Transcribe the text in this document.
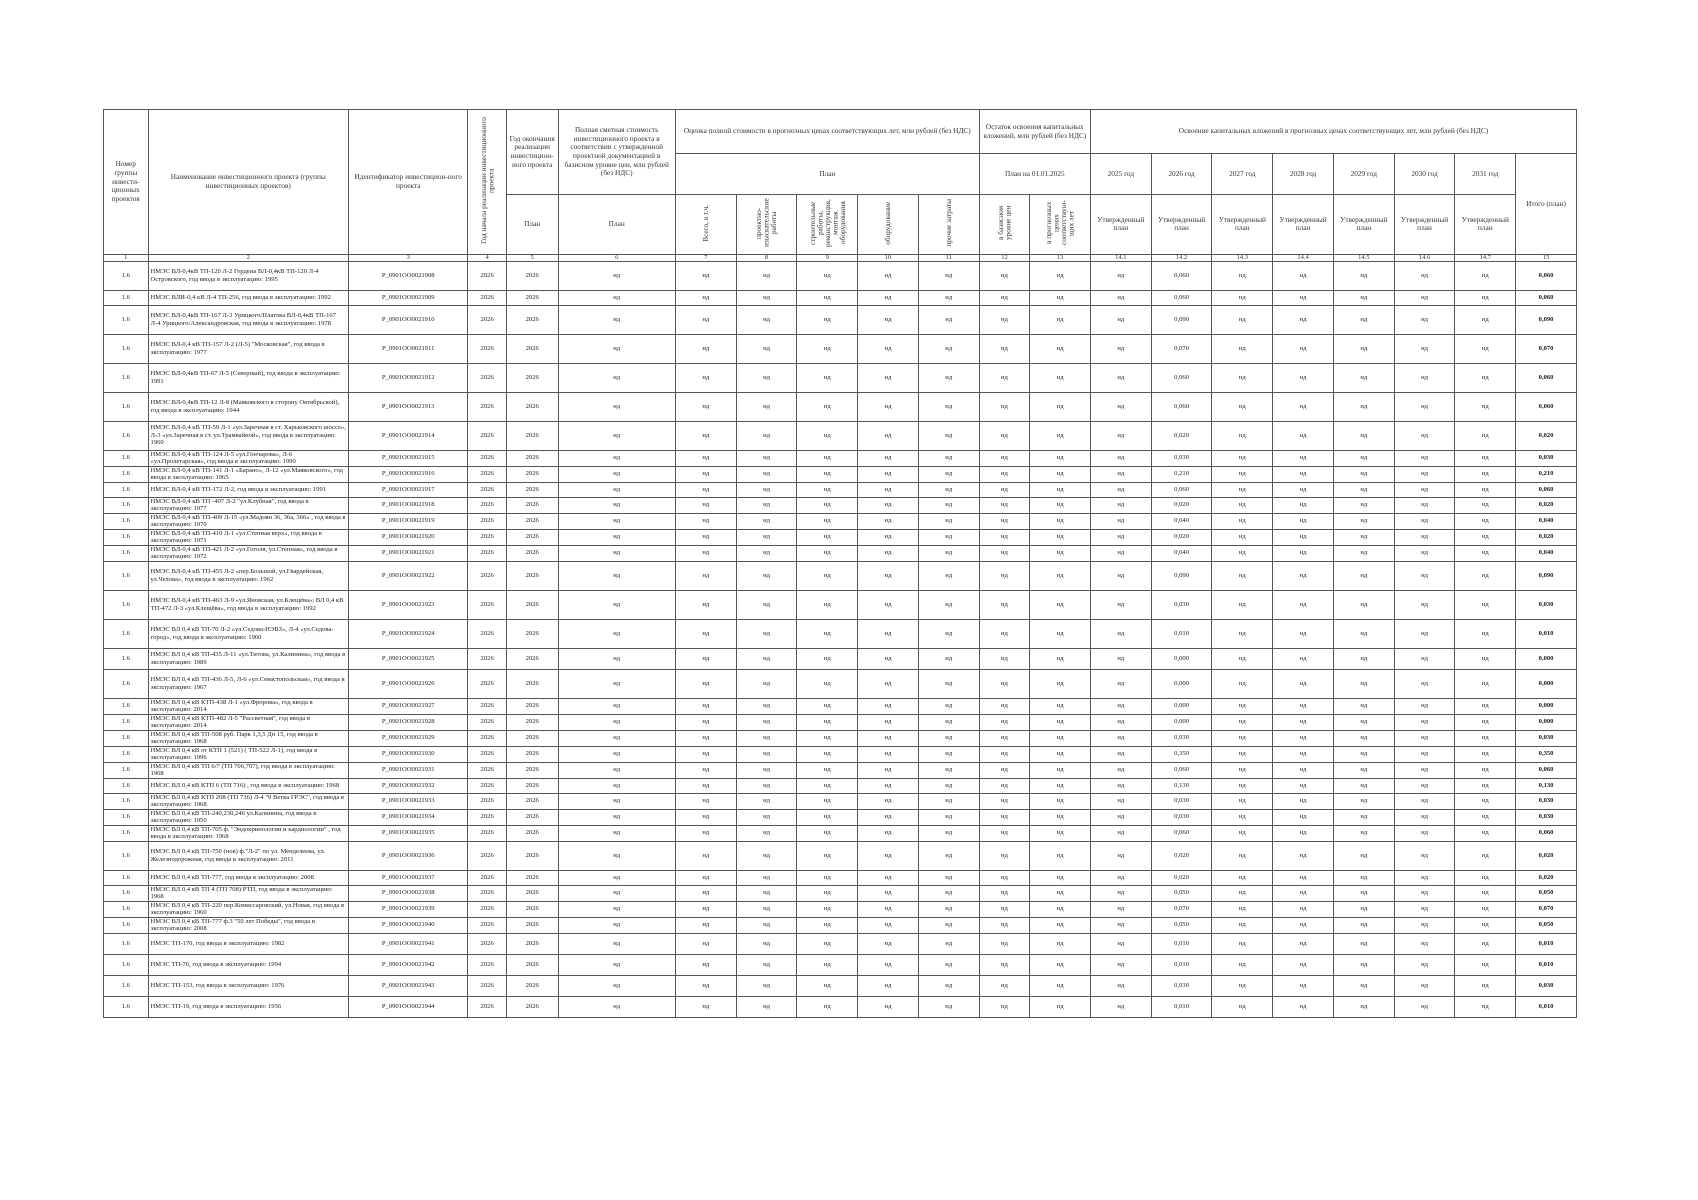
Номер группы инвести-ционных проектов	Наименование инвестиционного проекта (группы инвестиционных проектов)	Идентификатор инвестицион-ного проекта	Год начала реализации инвестиционного проекта	Год окончания реализации инвестицион-ного проекта	Полная сметная стоимость инвестиционного проекта в соответствии с утвержденной проектной документацией в базисном уровне цен, млн рублей (без НДС)	Оценка полной стоимости в прогнозных ценах соответствующих лет, млн рублей (без НДС)					Остаток освоения капитальных вложений, млн рублей (без НДС)		Освоение капитальных вложений в прогнозных ценах соответствующих лет, млн рублей (без НДС)							
						План					План на 01.01.2025		2025 год	2026 год	2027 год	2028 год	2029 год	2030 год	2031 год	Итого (план)
				План	План	Всего, в т.ч.	проектно-изыскательские работы	строительные работы, реконструкция, монтаж оборудования	оборудование	прочие затраты	в базисном уровне цен	в прогнозных ценах соответствую-щих лет	Утвержденный план	Утвержденный план	Утвержденный план	Утвержденный план	Утвержденный план	Утвержденный план	Утвержденный план	
1	2	3	4	5	6	7	8	9	10	11	12	13	14.1	14.2	14.3	14.4	14.5	14.6	14.7	15
1.6	НМЭС ВЛ-0,4кВ ТП-120 Л-2 Гердена ВЛ-0,4кВ ТП-120 Л-4 Островского, год ввода в эксплуатацию: 1995	P_0901OO0021908	2026	2026	нд	нд	нд	нд	нд	нд	нд	нд	нд	0,060	нд	нд	нд	нд	нд	0,060
1.6	НМЭС ВЛИ-0,4 кВ Л-4 ТП-256, год ввода в эксплуатацию: 1992	P_0901OO0021909	2026	2026	нд	нд	нд	нд	нд	нд	нд	нд	нд	0,060	нд	нд	нд	нд	нд	0,060
1.6	НМЭС ВЛ-0,4кВ ТП-167 Л-3 Урицкого/Платова ВЛ-0,4кВ ТП-167 Л-4 Урицкого/Александровская, год ввода в эксплуатацию: 1978	P_0901OO0021910	2026	2026	нд	нд	нд	нд	нд	нд	нд	нд	нд	0,090	нд	нд	нд	нд	нд	0,090
1.6	НМЭС ВЛ-0,4 кВ ТП-157 Л-2 (Л-5) "Московская", год ввода в эксплуатацию: 1977	P_0901OO0021911	2026	2026	нд	нд	нд	нд	нд	нд	нд	нд	нд	0,070	нд	нд	нд	нд	нд	0,070
1.6	НМЭС ВЛ-0,4кВ ТП-67 Л-5 (Северный), год ввода в эксплуатацию: 1991	P_0901OO0021912	2026	2026	нд	нд	нд	нд	нд	нд	нд	нд	нд	0,060	нд	нд	нд	нд	нд	0,060
1.6	НМЭС ВЛ-0,4кВ ТП-12 Л-8 (Маяковского в сторону Октябрьской), год ввода в эксплуатацию: 1944	P_0901OO0021913	2026	2026	нд	нд	нд	нд	нд	нд	нд	нд	нд	0,060	нд	нд	нд	нд	нд	0,060
1.6	НМЭС ВЛ-0,4 кВ ТП-59 Л-1 «ул.Заречная в ст. Харьковского шоссе», Л-3 «ул.Заречная в ст. ул.Трамвайной», год ввода в эксплуатацию: 1960	P_0901OO0021914	2026	2026	нд	нд	нд	нд	нд	нд	нд	нд	нд	0,020	нд	нд	нд	нд	нд	0,020
1.6	НМЭС ВЛ-0,4 кВ ТП-124 Л-5 «ул.Гончарова», Л-6 «ул.Пролетарская», год ввода в эксплуатацию: 1990	P_0901OO0021915	2026	2026	нд	нд	нд	нд	нд	нд	нд	нд	нд	0,030	нд	нд	нд	нд	нд	0,030
1.6	НМЭС ВЛ-0,4 кВ ТП-141 Л-1 «Барано», Л-12 «ул.Маяковского», год ввода в эксплуатацию: 1965	P_0901OO0021916	2026	2026	нд	нд	нд	нд	нд	нд	нд	нд	нд	0,210	нд	нд	нд	нд	нд	0,210
1.6	НМЭС ВЛ-0,4 кВ ТП-172 Л-2, год ввода в эксплуатацию: 1991	P_0901OO0021917	2026	2026	нд	нд	нд	нд	нд	нд	нд	нд	нд	0,060	нд	нд	нд	нд	нд	0,060
1.6	НМЭС ВЛ-0,4 кВ ТП -407 Л-2 "ул.Клубная", год ввода в эксплуатацию: 1977	P_0901OO0021918	2026	2026	нд	нд	нд	нд	нд	нд	нд	нд	нд	0,020	нд	нд	нд	нд	нд	0,020
1.6	НМЭС ВЛ-0,4 кВ ТП-409 Л-15 «ул.Мадоян 36, 36а, 366» , год ввода в эксплуатацию: 1970	P_0901OO0021919	2026	2026	нд	нд	нд	нд	нд	нд	нд	нд	нд	0,040	нд	нд	нд	нд	нд	0,040
1.6	НМЭС ВЛ-0,4 кВ ТП-410 Л-1 «ул.Степная верх», год ввода в эксплуатацию: 1971	P_0901OO0021920	2026	2026	нд	нд	нд	нд	нд	нд	нд	нд	нд	0,020	нд	нд	нд	нд	нд	0,020
1.6	НМЭС ВЛ-0,4 кВ ТП-421 Л-2 «ул.Гоголя, ул.Степная», год ввода в эксплуатацию: 1972	P_0901OO0021921	2026	2026	нд	нд	нд	нд	нд	нд	нд	нд	нд	0,040	нд	нд	нд	нд	нд	0,040
1.6	НМЭС ВЛ-0,4 кВ ТП-455 Л-2 «пер.Большой, ул.Гвардейская, ул.Чехова», год ввода в эксплуатацию: 1962	P_0901OO0021922	2026	2026	нд	нд	нд	нд	нд	нд	нд	нд	нд	0,090	нд	нд	нд	нд	нд	0,090
1.6	НМЭС ВЛ-0,4 кВ ТП-463 Л-9 «ул.Яновская, ул.Клещёва»; ВЛ 0,4 кВ ТП-472 Л-3 «ул.Клещёва», год ввода в эксплуатацию: 1992	P_0901OO0021923	2026	2026	нд	нд	нд	нд	нд	нд	нд	нд	нд	0,030	нд	нд	нд	нд	нд	0,030
1.6	НМЭС ВЛ 0,4 кВ ТП-70 Л-2 «ул.Седова-НЭВЗ», Л-4 «ул.Седова-город», год ввода в эксплуатацию: 1960	P_0901OO0021924	2026	2026	нд	нд	нд	нд	нд	нд	нд	нд	нд	0,010	нд	нд	нд	нд	нд	0,010
1.6	НМЭС ВЛ 0,4 кВ ТП-435 Л-11 «ул.Титова, ул.Калинина», год ввода в эксплуатацию: 1989	P_0901OO0021925	2026	2026	нд	нд	нд	нд	нд	нд	нд	нд	нд	0,000	нд	нд	нд	нд	нд	0,000
1.6	НМЭС ВЛ 0,4 кВ ТП-436 Л-5, Л-6 «ул.Севастопольская», год ввода в эксплуатацию: 1967	P_0901OO0021926	2026	2026	нд	нд	нд	нд	нд	нд	нд	нд	нд	0,000	нд	нд	нд	нд	нд	0,000
1.6	НМЭС ВЛ 0,4 кВ КТП-438 Л-1 «ул.Фророва», год ввода в эксплуатацию: 2014	P_0901OO0021927	2026	2026	нд	нд	нд	нд	нд	нд	нд	нд	нд	0,000	нд	нд	нд	нд	нд	0,000
1.6	НМЭС ВЛ 0,4 кВ КТП-482 Л-5 "Рассветная", год ввода в эксплуатацию: 2014	P_0901OO0021928	2026	2026	нд	нд	нд	нд	нд	нд	нд	нд	нд	0,000	нд	нд	нд	нд	нд	0,000
1.6	НМЭС ВЛ 0,4 кВ ТП-508 руб. Парк 1,3,5 Дн 15, год ввода в эксплуатацию: 1968	P_0901OO0021929	2026	2026	нд	нд	нд	нд	нд	нд	нд	нд	нд	0,030	нд	нд	нд	нд	нд	0,030
1.6	НМЭС ВЛ 0,4 кВ от КТП 1 (521) ( ТП-522 Л-1), год ввода в эксплуатацию: 1996	P_0901OO0021930	2026	2026	нд	нд	нд	нд	нд	нд	нд	нд	нд	0,350	нд	нд	нд	нд	нд	0,350
1.6	НМЭС ВЛ 0,4 кВ ТП 6/7 (ТП 706,707), год ввода в эксплуатацию: 1968	P_0901OO0021931	2026	2026	нд	нд	нд	нд	нд	нд	нд	нд	нд	0,060	нд	нд	нд	нд	нд	0,060
1.6	НМЭС ВЛ 0,4 кВ КТП 6 (ТП 716) , год ввода в эксплуатацию: 1968	P_0901OO0021932	2026	2026	нд	нд	нд	нд	нд	нд	нд	нд	нд	0,130	нд	нд	нд	нд	нд	0,130
1.6	НМЭС ВЛ 0,4 кВ КТП 208 (ТП 736) Л-4 "9 Ветка ГРЭС", год ввода в эксплуатацию: 1968	P_0901OO0021933	2026	2026	нд	нд	нд	нд	нд	нд	нд	нд	нд	0,030	нд	нд	нд	нд	нд	0,030
1.6	НМЭС ВЛ 0,4 кВ ТП-240,230,246 ул.Калинина, год ввода в эксплуатацию: 1950	P_0901OO0021934	2026	2026	нд	нд	нд	нд	нд	нд	нд	нд	нд	0,030	нд	нд	нд	нд	нд	0,030
1.6	НМЭС ВЛ 0,4 кВ ТП-705 ф. "Эндокринологии и кардиологии" , год ввода в эксплуатацию: 1968	P_0901OO0021935	2026	2026	нд	нд	нд	нд	нд	нд	нд	нд	нд	0,060	нд	нд	нд	нд	нд	0,060
1.6	НМЭС ВЛ 0,4 кВ ТП-750 (нов) ф."Л-2" по ул. Менделеева, ул. Железнодорожная, год ввода в эксплуатацию: 2011	P_0901OO0021936	2026	2026	нд	нд	нд	нд	нд	нд	нд	нд	нд	0,020	нд	нд	нд	нд	нд	0,020
1.6	НМЭС ВЛ 0,4 кВ ТП-777, год ввода в эксплуатацию: 2008	P_0901OO0021937	2026	2026	нд	нд	нд	нд	нд	нд	нд	нд	нд	0,020	нд	нд	нд	нд	нд	0,020
1.6	НМЭС ВЛ 0,4 кВ ТП 4 (ТП 708) РТП, год ввода в эксплуатацию: 1968	P_0901OO0021938	2026	2026	нд	нд	нд	нд	нд	нд	нд	нд	нд	0,050	нд	нд	нд	нд	нд	0,050
1.6	НМЭС ВЛ 0,4 кВ ТП-220 пер.Комиссаровский, ул.Новая, год ввода в эксплуатацию: 1960	P_0901OO0021939	2026	2026	нд	нд	нд	нд	нд	нд	нд	нд	нд	0,070	нд	нд	нд	нд	нд	0,070
1.6	НМЭС ВЛ 0,4 кВ ТП-777 ф.3 "50 лет Победы", год ввода в эксплуатацию: 2008	P_0901OO0021940	2026	2026	нд	нд	нд	нд	нд	нд	нд	нд	нд	0,050	нд	нд	нд	нд	нд	0,050
1.6	НМЭС ТП-170, год ввода в эксплуатацию: 1982	P_0901OO0021941	2026	2026	нд	нд	нд	нд	нд	нд	нд	нд	нд	0,010	нд	нд	нд	нд	нд	0,010
1.6	НМЭС ТП-76, год ввода в эксплуатацию: 1994	P_0901OO0021942	2026	2026	нд	нд	нд	нд	нд	нд	нд	нд	нд	0,010	нд	нд	нд	нд	нд	0,010
1.6	НМЭС ТП-153, год ввода в эксплуатацию: 1976	P_0901OO0021943	2026	2026	нд	нд	нд	нд	нд	нд	нд	нд	нд	0,030	нд	нд	нд	нд	нд	0,030
1.6	НМЭС ТП-19, год ввода в эксплуатацию: 1956	P_0901OO0021944	2026	2026	нд	нд	нд	нд	нд	нд	нд	нд	нд	0,010	нд	нд	нд	нд	нд	0,010
